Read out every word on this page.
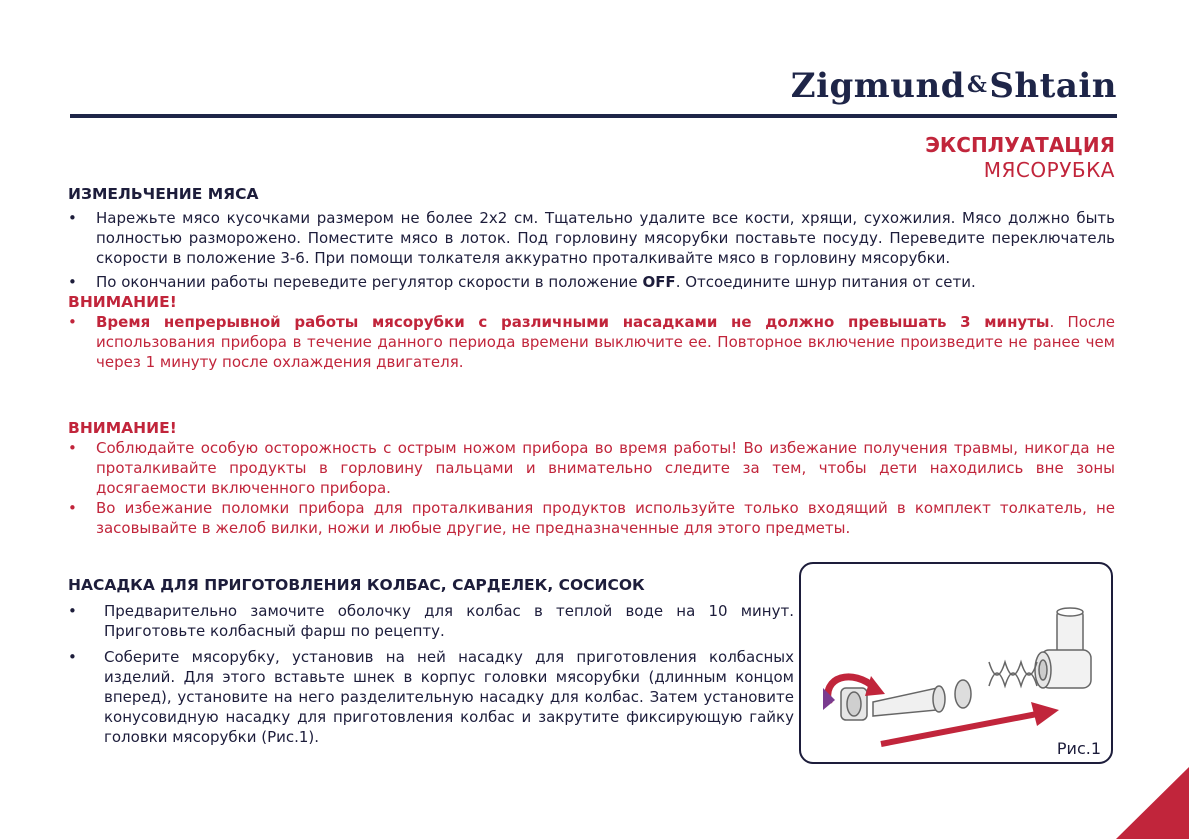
Zigmund&Shtain
ЭКСПЛУАТАЦИЯ
МЯСОРУБКА
ИЗМЕЛЬЧЕНИЕ МЯСА
• Нарежьте мясо кусочками размером не более 2х2 см. Тщательно удалите все кости, хрящи, сухожилия. Мясо должно быть полностью разморожено. Поместите мясо в лоток. Под горловину мясорубки поставьте посуду. Переведите переключатель скорости в положение 3-6. При помощи толкателя аккуратно проталкивайте мясо в горловину мясорубки.
• По окончании работы переведите регулятор скорости в положение OFF. Отсоедините шнур питания от сети.
ВНИМАНИЕ!
• Время непрерывной работы мясорубки с различными насадками не должно превышать 3 минуты. После использования прибора в течение данного периода времени выключите ее. Повторное включение произведите не ранее чем через 1 минуту после охлаждения двигателя.
ВНИМАНИЕ!
• Соблюдайте особую осторожность с острым ножом прибора во время работы! Во избежание получения травмы, никогда не проталкивайте продукты в горловину пальцами и внимательно следите за тем, чтобы дети находились вне зоны досягаемости включенного прибора.
• Во избежание поломки прибора для проталкивания продуктов используйте только входящий в комплект толкатель, не засовывайте в желоб вилки, ножи и любые другие, не предназначенные для этого предметы.
НАСАДКА ДЛЯ ПРИГОТОВЛЕНИЯ КОЛБАС, САРДЕЛЕК, СОСИСОК
• Предварительно замочите оболочку для колбас в теплой воде на 10 минут. Приготовьте колбасный фарш по рецепту.
• Соберите мясорубку, установив на ней насадку для приготовления колбасных изделий. Для этого вставьте шнек в корпус головки мясорубки (длинным концом вперед), установите на него разделительную насадку для колбас. Затем установите конусовидную насадку для приготовления колбас и закрутите фиксирующую гайку головки мясорубки (Рис.1).
Рис.1
